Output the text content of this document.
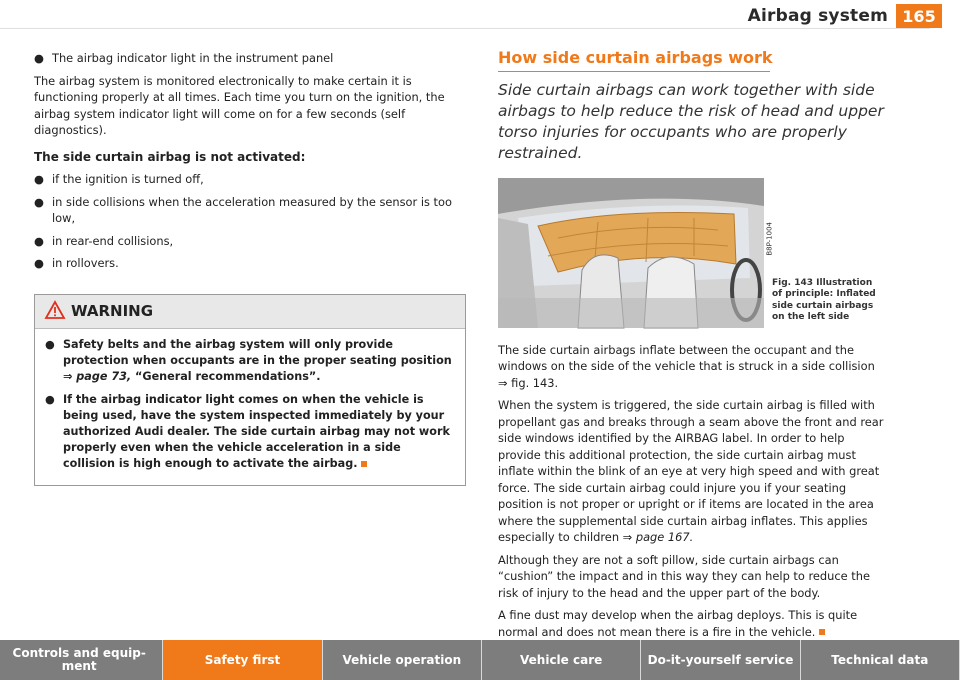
Airbag system 165
● The airbag indicator light in the instrument panel

The airbag system is monitored electronically to make certain it is functioning properly at all times. Each time you turn on the ignition, the airbag system indicator light will come on for a few seconds (self diagnostics).

The side curtain airbag is not activated:
● if the ignition is turned off,
● in side collisions when the acceleration measured by the sensor is too low,
● in rear-end collisions,
● in rollovers.
WARNING
● Safety belts and the airbag system will only provide protection when occupants are in the proper seating position ⇒ page 73, “General recommendations”.
● If the airbag indicator light comes on when the vehicle is being used, have the system inspected immediately by your authorized Audi dealer. The side curtain airbag may not work properly even when the vehicle acceleration in a side collision is high enough to activate the airbag.
How side curtain airbags work
Side curtain airbags can work together with side airbags to help reduce the risk of head and upper torso injuries for occupants who are properly restrained.
B8P-1004
Fig. 143 Illustration of principle: Inflated side curtain airbags on the left side

The side curtain airbags inflate between the occupant and the windows on the side of the vehicle that is struck in a side collision ⇒ fig. 143.

When the system is triggered, the side curtain airbag is filled with propellant gas and breaks through a seam above the front and rear side windows identified by the AIRBAG label. In order to help provide this additional protection, the side curtain airbag must inflate within the blink of an eye at very high speed and with great force. The side curtain airbag could injure you if your seating position is not proper or upright or if items are located in the area where the supplemental side curtain airbag inflates. This applies especially to children ⇒ page 167.

Although they are not a soft pillow, side curtain airbags can “cushion” the impact and in this way they can help to reduce the risk of injury to the head and the upper part of the body.

A fine dust may develop when the airbag deploys. This is quite normal and does not mean there is a fire in the vehicle.

Controls and equip-ment	Safety first	Vehicle operation	Vehicle care	Do-it-yourself service	Technical data
